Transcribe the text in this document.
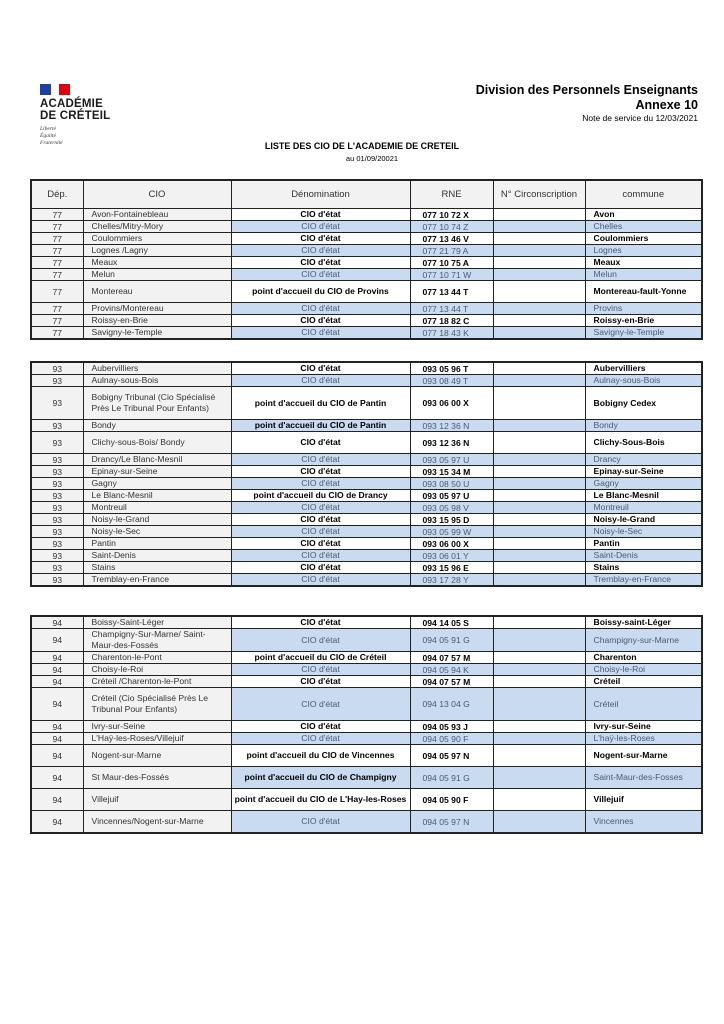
ACADÉMIE
DE CRÉTEIL
Liberté
Égalité
Fraternité
Division des Personnels Enseignants
Annexe 10
Note de service du 12/03/2021
LISTE DES CIO DE L'ACADEMIE DE CRETEIL
au 01/09/20021
Dép.	CIO	Dénomination	RNE	N° Circonscription	commune
77	Avon-Fontainebleau	CIO d'état	077 10 72 X		Avon
77	Chelles/Mitry-Mory	CIO d'état	077 10 74 Z		Chelles
77	Coulommiers	CIO d'état	077 13 46 V		Coulommiers
77	Lognes /Lagny	CIO d'état	077 21 79 A		Lognes
77	Meaux	CIO d'état	077 10 75 A		Meaux
77	Melun	CIO d'état	077 10 71 W		Melun
77	Montereau	point d'accueil du CIO de Provins	077 13 44 T		Montereau-fault-Yonne
77	Provins/Montereau	CIO d'état	077 13 44 T		Provins
77	Roissy-en-Brie	CIO d'état	077 18 82 C		Roissy-en-Brie
77	Savigny-le-Temple	CIO d'état	077 18 43 K		Savigny-le-Temple
93	Aubervilliers	CIO d'état	093 05 96 T		Aubervilliers
93	Aulnay-sous-Bois	CIO d'état	093 08 49 T		Aulnay-sous-Bois
93	Bobigny Tribunal (Cio Spécialisé Près Le Tribunal Pour Enfants)	point d'accueil du CIO de Pantin	093 06 00 X		Bobigny Cedex
93	Bondy	point d'accueil du CIO de Pantin	093 12 36 N		Bondy
93	Clichy-sous-Bois/ Bondy	CIO d'état	093 12 36 N		Clichy-Sous-Bois
93	Drancy/Le Blanc-Mesnil	CIO d'état	093 05 97 U		Drancy
93	Epinay-sur-Seine	CIO d'état	093 15 34 M		Epinay-sur-Seine
93	Gagny	CIO d'état	093 08 50 U		Gagny
93	Le Blanc-Mesnil	point d'accueil du CIO de Drancy	093 05 97 U		Le Blanc-Mesnil
93	Montreuil	CIO d'état	093 05 98 V		Montreuil
93	Noisy-le-Grand	CIO d'état	093 15 95 D		Noisy-le-Grand
93	Noisy-le-Sec	CIO d'état	093 05 99 W		Noisy-le-Sec
93	Pantin	CIO d'état	093 06 00 X		Pantin
93	Saint-Denis	CIO d'état	093 06 01 Y		Saint-Denis
93	Stains	CIO d'état	093 15 96 E		Stains
93	Tremblay-en-France	CIO d'état	093 17 28 Y		Tremblay-en-France
94	Boissy-Saint-Léger	CIO d'état	094 14 05 S		Boissy-saint-Léger
94	Champigny-Sur-Marne/ Saint-Maur-des-Fossés	CIO d'état	094 05 91 G		Champigny-sur-Marne
94	Charenton-le-Pont	point d'accueil du CIO de Créteil	094 07 57 M		Charenton
94	Choisy-le-Roi	CIO d'état	094 05 94 K		Choisy-le-Roi
94	Créteil /Charenton-le-Pont	CIO d'état	094 07 57 M		Créteil
94	Créteil (Cio Spécialisé Près Le Tribunal Pour Enfants)	CIO d'état	094 13 04 G		Créteil
94	Ivry-sur-Seine	CIO d'état	094 05 93 J		Ivry-sur-Seine
94	L'Haÿ-les-Roses/Villejuif	CIO d'état	094 05 90 F		L'haÿ-les-Roses
94	Nogent-sur-Marne	point d'accueil du CIO de Vincennes	094 05 97 N		Nogent-sur-Marne
94	St Maur-des-Fossés	point d'accueil du CIO de Champigny	094 05 91 G		Saint-Maur-des-Fosses
94	Villejuif	point d'accueil du CIO de L'Hay-les-Roses	094 05 90 F		Villejuif
94	Vincennes/Nogent-sur-Marne	CIO d'état	094 05 97 N		Vincennes
